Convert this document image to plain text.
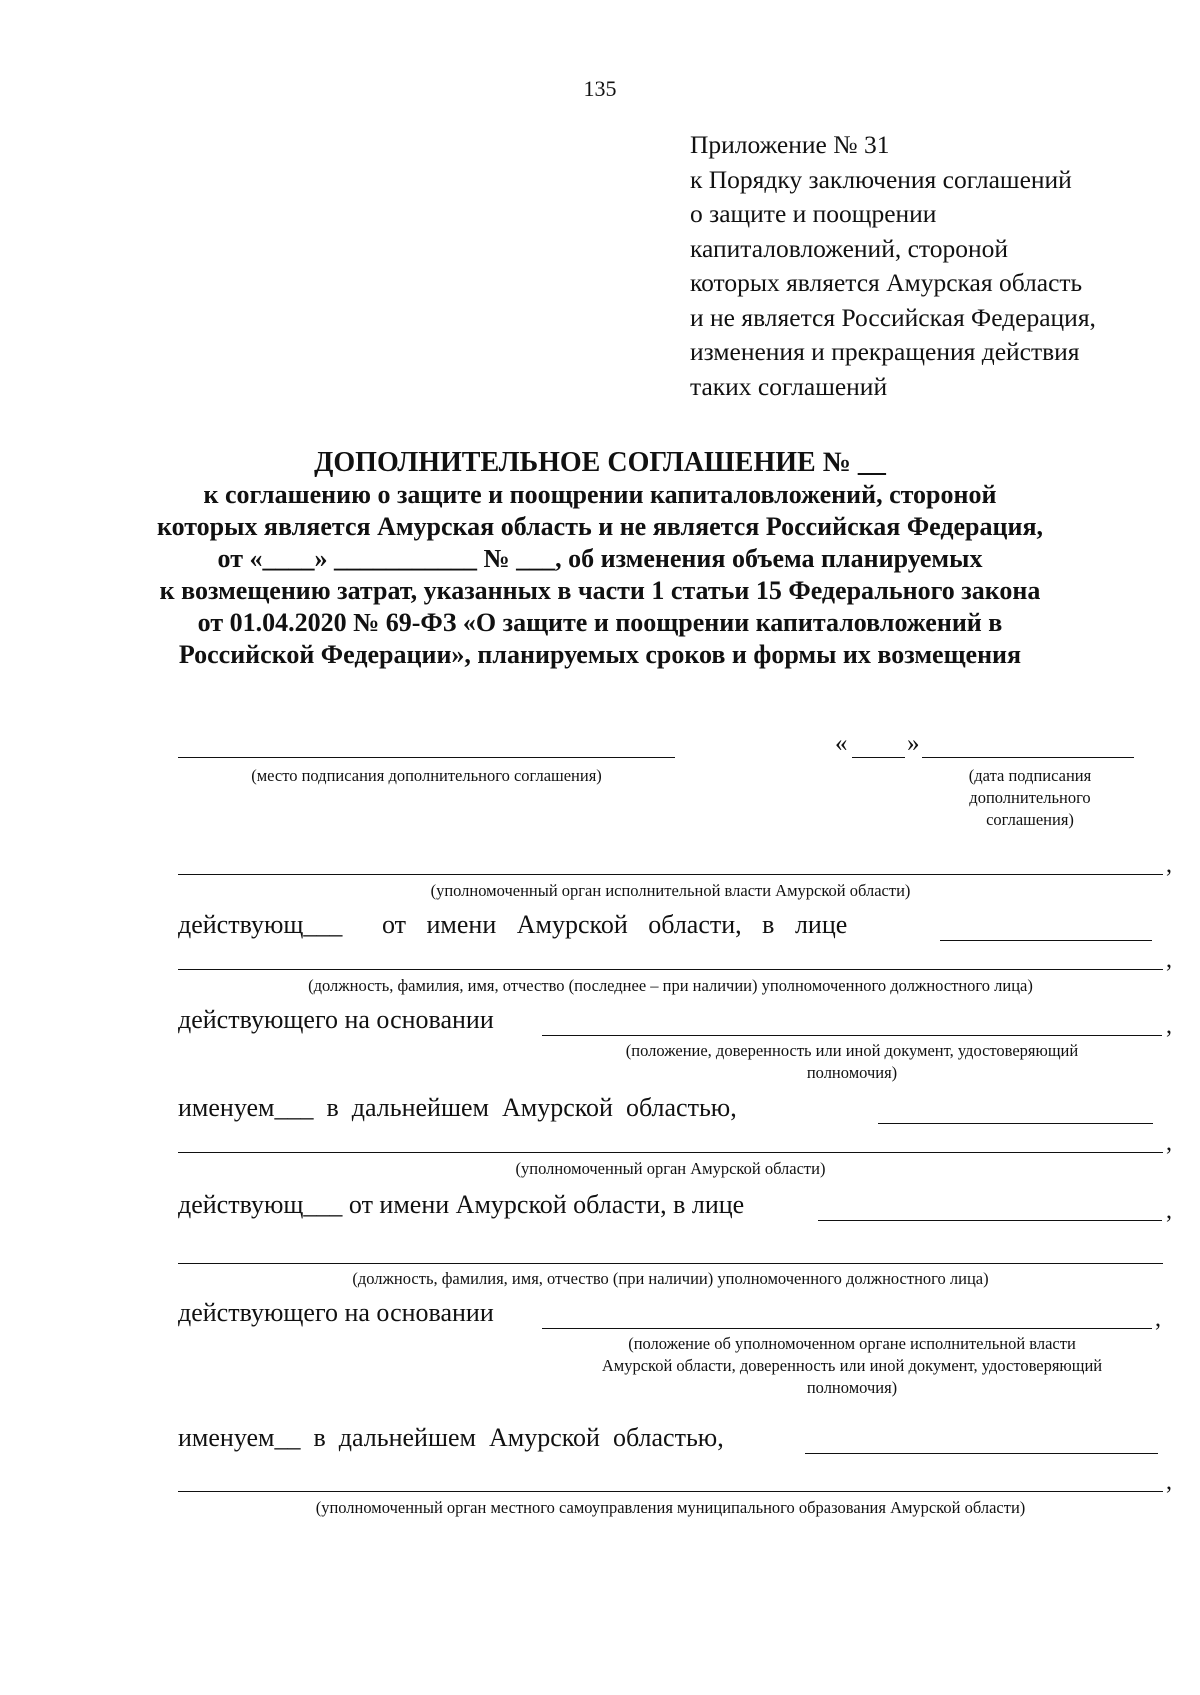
135
Приложение № 31
к Порядку заключения соглашений
о защите и поощрении
капиталовложений, стороной
которых является Амурская область
и не является Российская Федерация,
изменения и прекращения действия
таких соглашений
ДОПОЛНИТЕЛЬНОЕ СОГЛАШЕНИЕ № __
к соглашению о защите и поощрении капиталовложений, стороной
которых является Амурская область и не является Российская Федерация,
от «____» ___________ № ___, об изменения объема планируемых
к возмещению затрат, указанных в части 1 статьи 15 Федерального закона
от 01.04.2020 № 69-ФЗ «О защите и поощрении капиталовложений в
Российской Федерации», планируемых сроков и формы их возмещения
(место подписания дополнительного соглашения)
« »
(дата подписания
дополнительного
соглашения)
,
(уполномоченный орган исполнительной власти Амурской области)
действующ___ от имени Амурской области, в лице
,
(должность, фамилия, имя, отчество (последнее – при наличии) уполномоченного должностного лица)
действующего на основании	,
(положение, доверенность или иной документ, удостоверяющий
полномочия)
именуем___  в  дальнейшем  Амурской  областью,
,
(уполномоченный орган Амурской области)
действующ___ от имени Амурской области, в лице	,
(должность, фамилия, имя, отчество (при наличии) уполномоченного должностного лица)
действующего на основании	,
(положение об уполномоченном органе исполнительной власти
Амурской области, доверенность или иной документ, удостоверяющий
полномочия)
именуем__  в  дальнейшем  Амурской  областью,
,
(уполномоченный орган местного самоуправления муниципального образования Амурской области)
